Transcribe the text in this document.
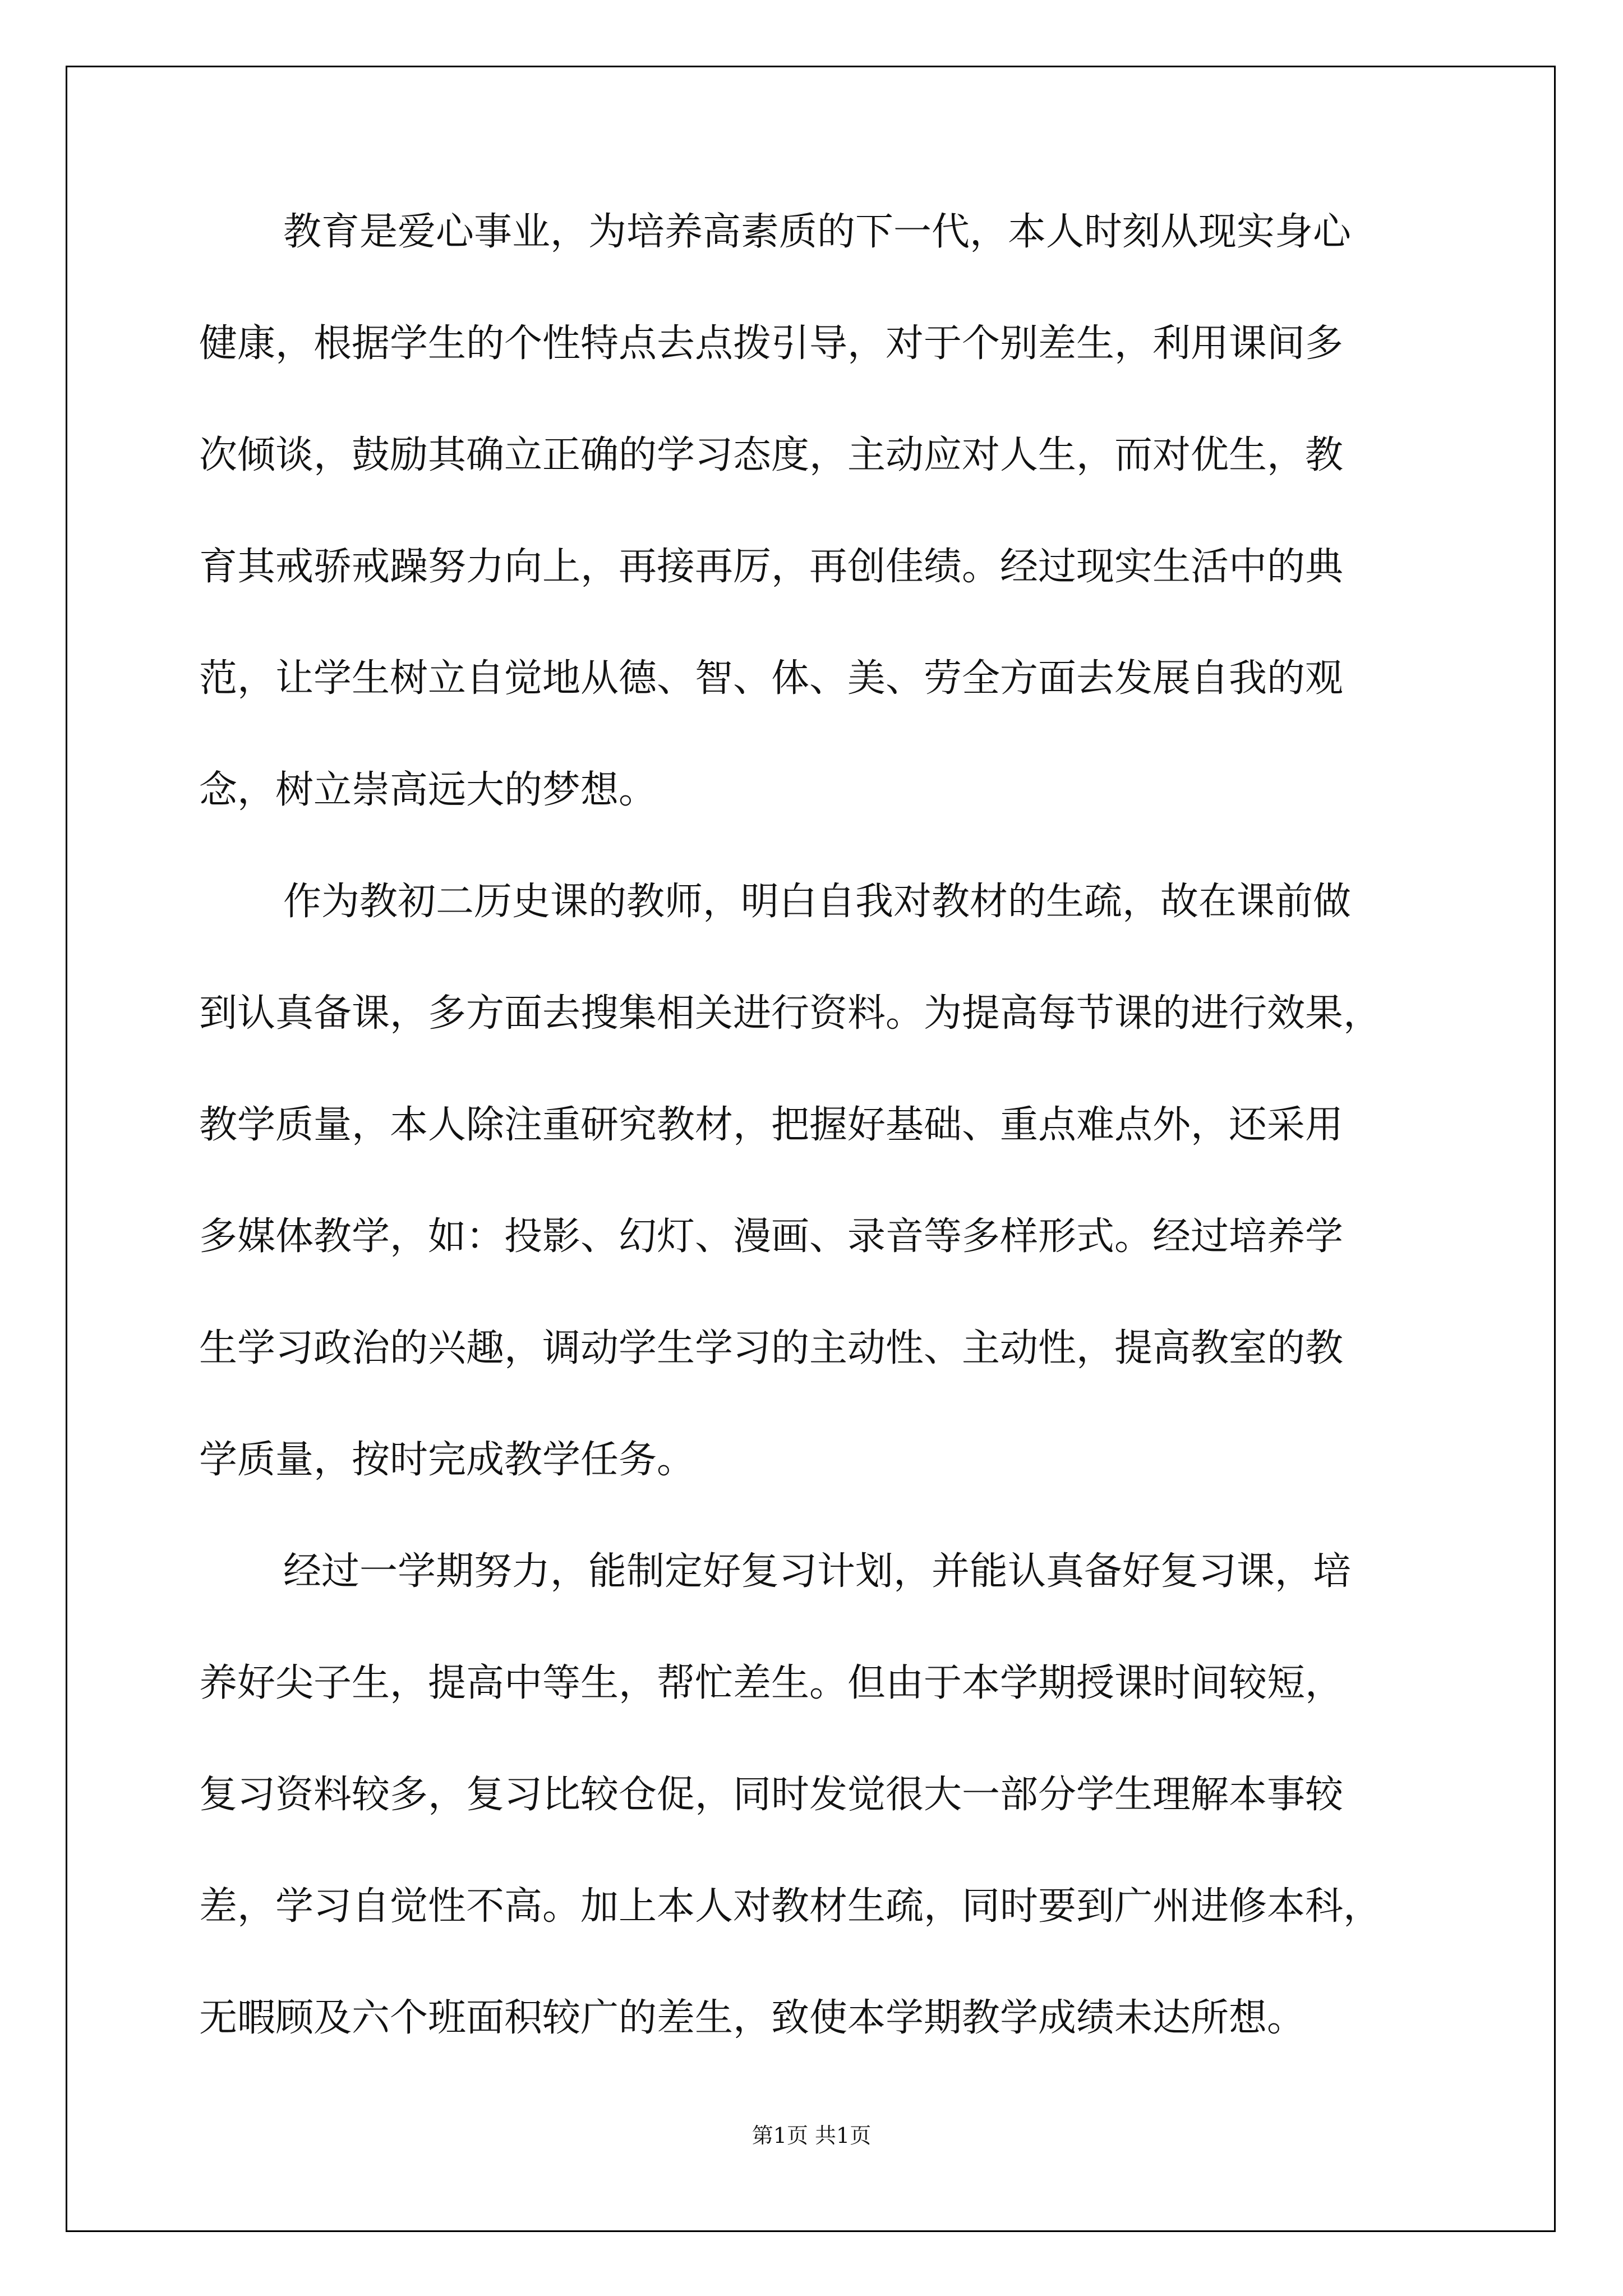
教育是爱心事业，为培养高素质的下一代，本人时刻从现实身心
健康，根据学生的个性特点去点拨引导，对于个别差生，利用课间多
次倾谈，鼓励其确立正确的学习态度，主动应对人生，而对优生，教
育其戒骄戒躁努力向上，再接再厉，再创佳绩。经过现实生活中的典
范，让学生树立自觉地从德、智、体、美、劳全方面去发展自我的观
念，树立崇高远大的梦想。
作为教初二历史课的教师，明白自我对教材的生疏，故在课前做
到认真备课，多方面去搜集相关进行资料。为提高每节课的进行效果，
教学质量，本人除注重研究教材，把握好基础、重点难点外，还采用
多媒体教学，如：投影、幻灯、漫画、录音等多样形式。经过培养学
生学习政治的兴趣，调动学生学习的主动性、主动性，提高教室的教
学质量，按时完成教学任务。
经过一学期努力，能制定好复习计划，并能认真备好复习课，培
养好尖子生，提高中等生，帮忙差生。但由于本学期授课时间较短，
复习资料较多，复习比较仓促，同时发觉很大一部分学生理解本事较
差，学习自觉性不高。加上本人对教材生疏，同时要到广州进修本科，
无暇顾及六个班面积较广的差生，致使本学期教学成绩未达所想。
第1页 共1页
